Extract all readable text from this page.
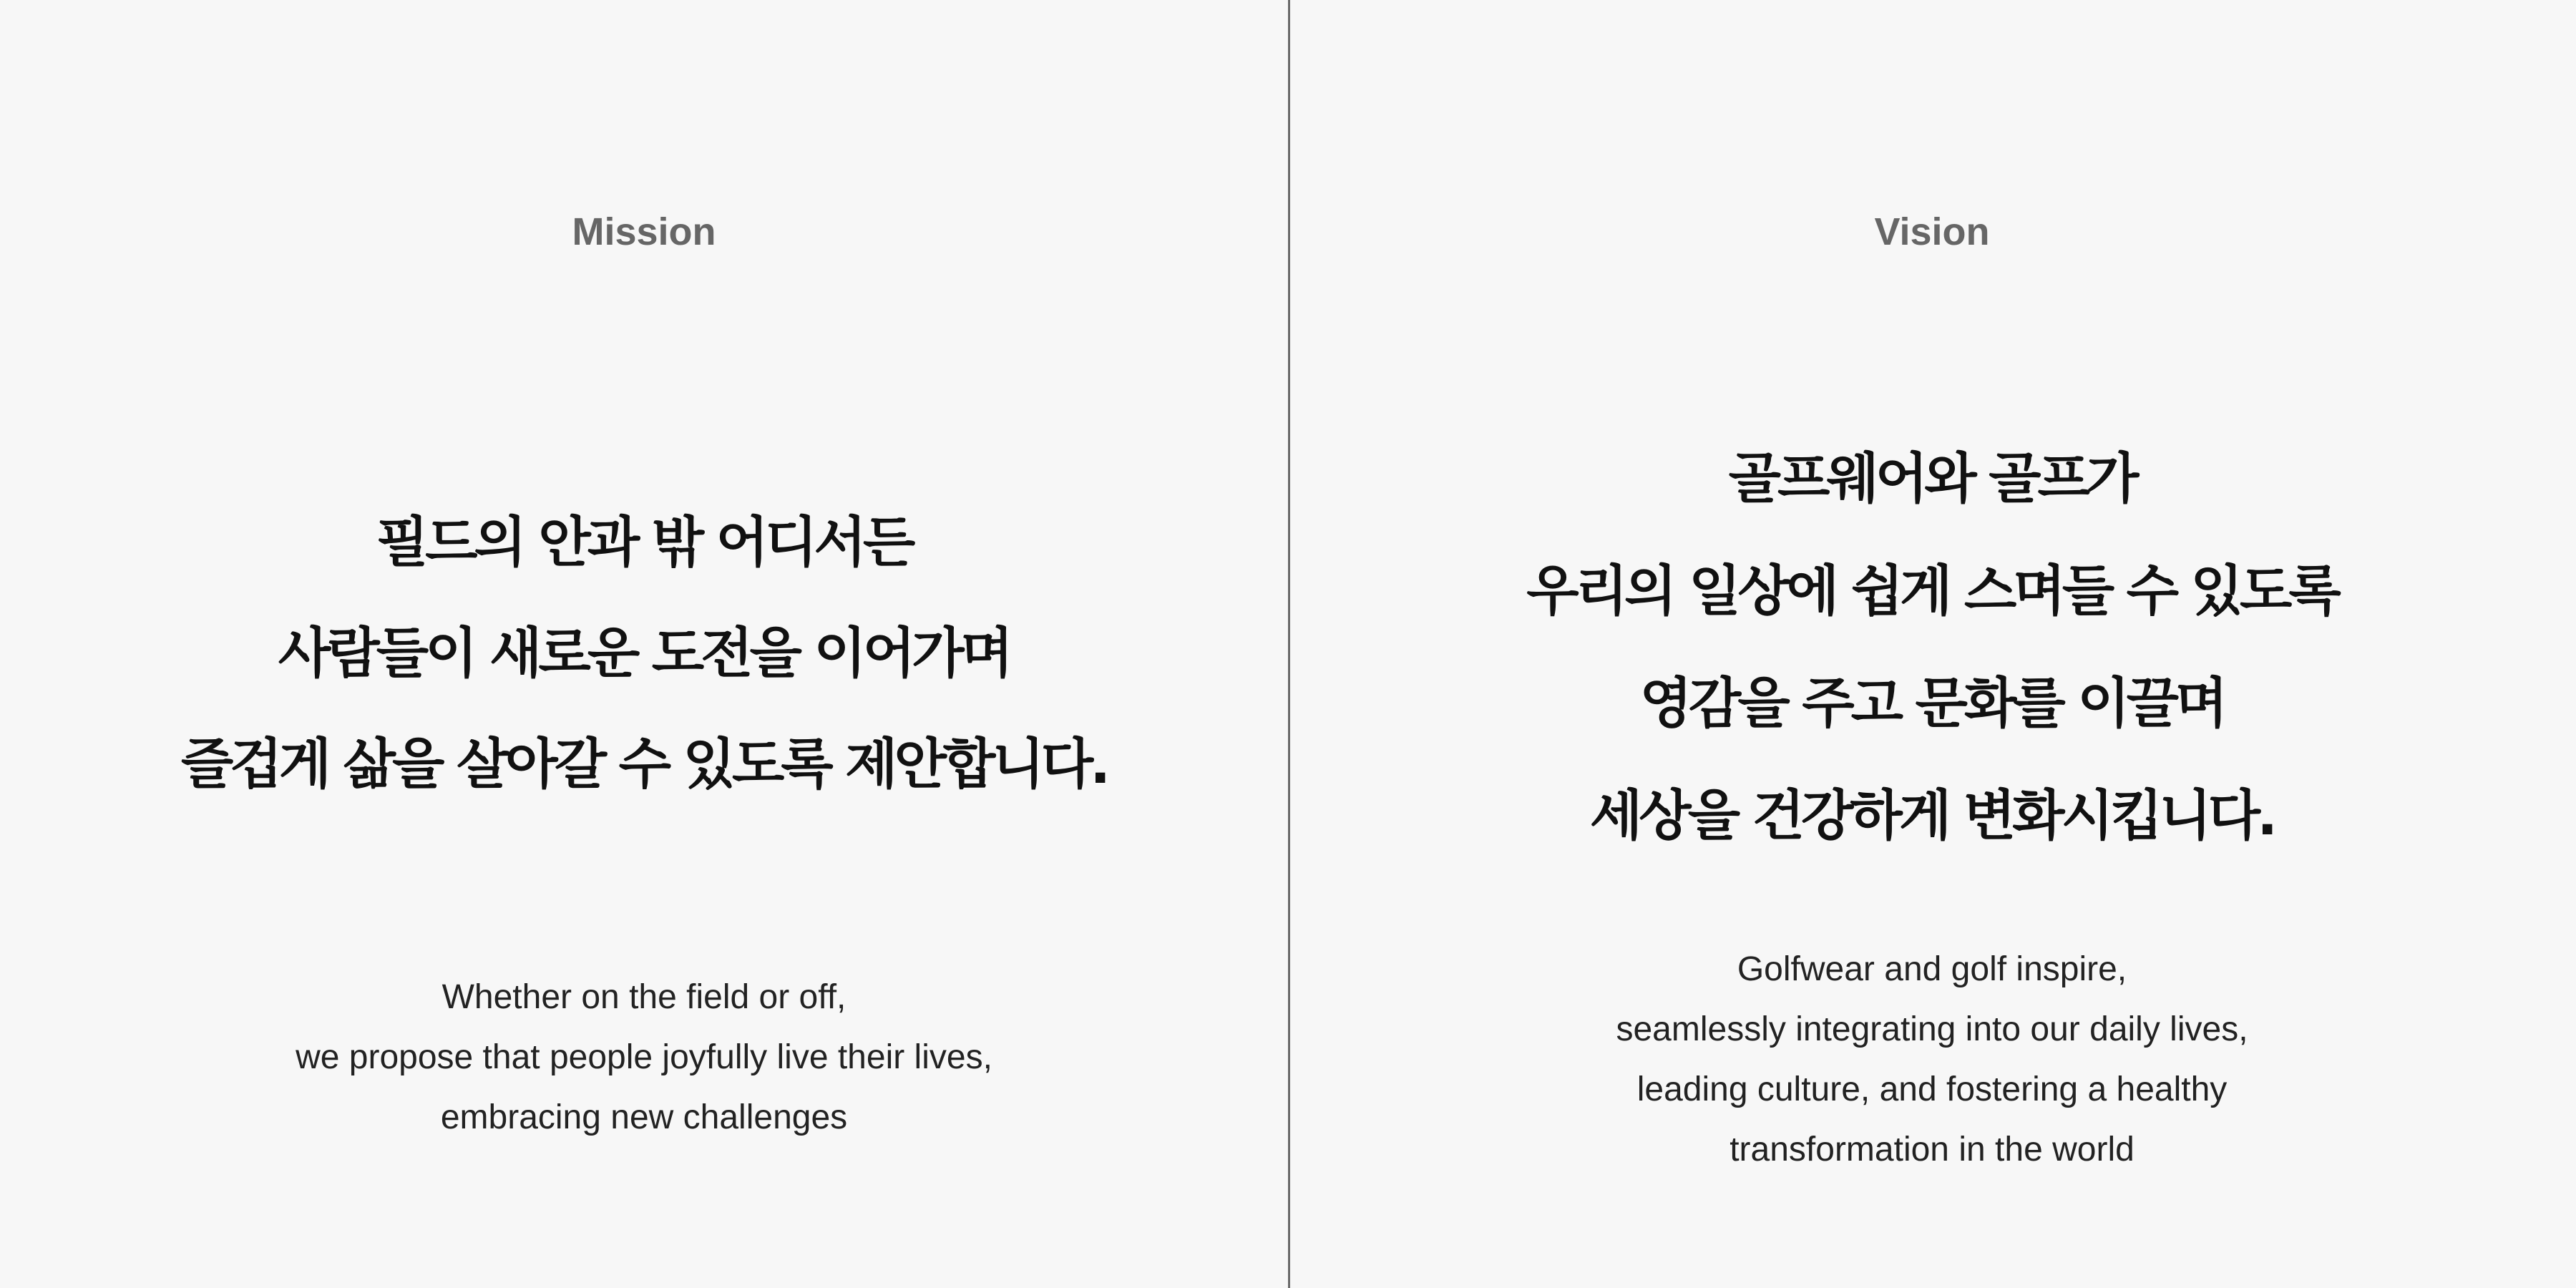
Mission
필드의 안과 밖 어디서든
사람들이 새로운 도전을 이어가며
즐겁게 삶을 살아갈 수 있도록 제안합니다.
Whether on the field or off,
we propose that people joyfully live their lives,
embracing new challenges
Vision
골프웨어와 골프가
우리의 일상에 쉽게 스며들 수 있도록
영감을 주고 문화를 이끌며
세상을 건강하게 변화시킵니다.
Golfwear and golf inspire,
seamlessly integrating into our daily lives,
leading culture, and fostering a healthy
transformation in the world
